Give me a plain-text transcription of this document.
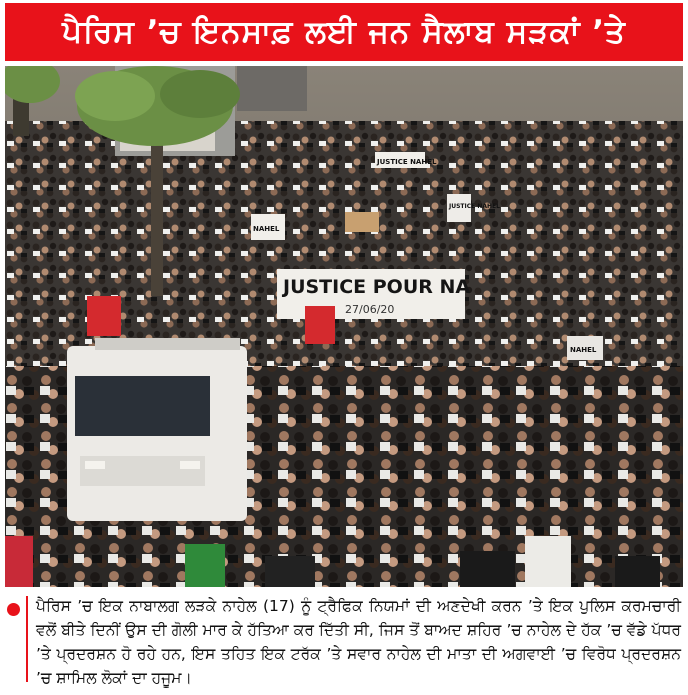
ਪੈਰਿਸ ’ਚ ਇਨਸਾਫ਼ ਲਈ ਜਨ ਸੈਲਾਬ ਸੜਕਾਂ ’ਤੇ
JUSTICE POUR NA
27/06/20
JUSTICE NAHEL
NAHEL
JUSTICE NAHEL
NAHEL
ਪੈਰਿਸ ’ਚ ਇਕ ਨਾਬਾਲਗ ਲੜਕੇ ਨਾਹੇਲ (17) ਨੂੰ ਟ੍ਰੈਫਿਕ ਨਿਯਮਾਂ ਦੀ ਅਣਦੇਖੀ ਕਰਨ ’ਤੇ ਇਕ ਪੁਲਿਸ ਕਰਮਚਾਰੀ ਵਲੋਂ ਬੀਤੇ ਦਿਨੀਂ ਉਸ ਦੀ ਗੋਲੀ ਮਾਰ ਕੇ ਹੱਤਿਆ ਕਰ ਦਿੱਤੀ ਸੀ, ਜਿਸ ਤੋਂ ਬਾਅਦ ਸ਼ਹਿਰ ’ਚ ਨਾਹੇਲ ਦੇ ਹੱਕ ’ਚ ਵੱਡੇ ਪੱਧਰ ’ਤੇ ਪ੍ਰਦਰਸ਼ਨ ਹੋ ਰਹੇ ਹਨ, ਇਸ ਤਹਿਤ ਇਕ ਟਰੱਕ ’ਤੇ ਸਵਾਰ ਨਾਹੇਲ ਦੀ ਮਾਤਾ ਦੀ ਅਗਵਾਈ ’ਚ ਵਿਰੋਧ ਪ੍ਰਦਰਸ਼ਨ ’ਚ ਸ਼ਾਮਿਲ ਲੋਕਾਂ ਦਾ ਹਜੂਮ।
